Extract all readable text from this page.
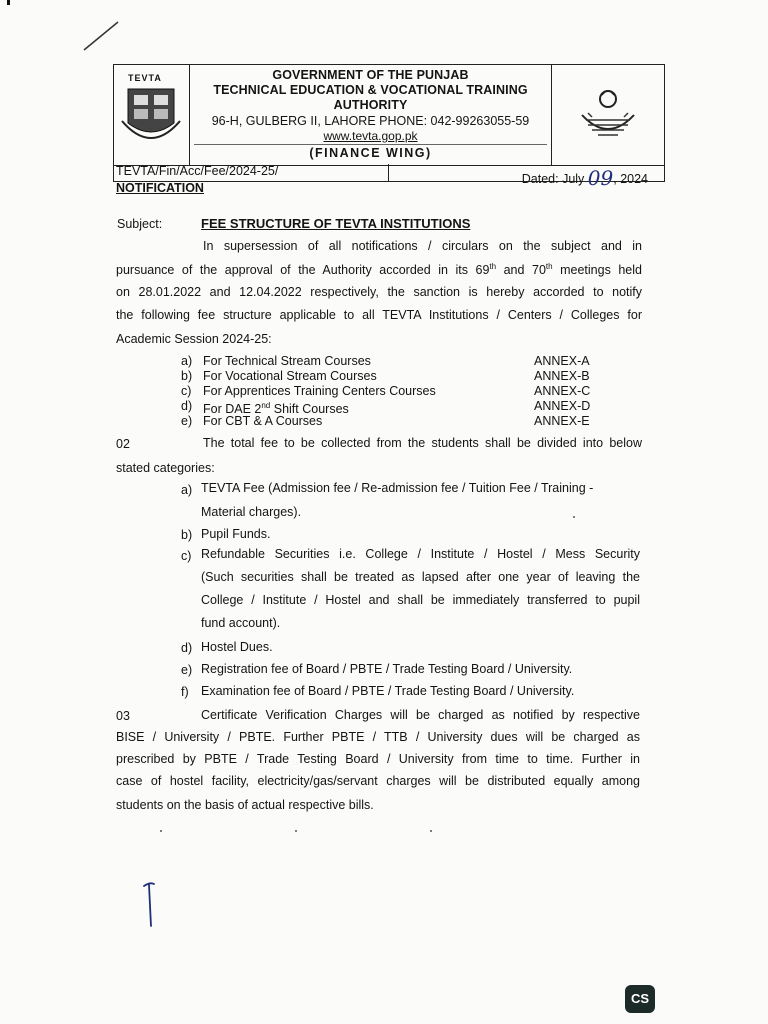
TEVTA	GOVERNMENT OF THE PUNJAB
TECHNICAL EDUCATION & VOCATIONAL TRAINING
AUTHORITY
96-H, GULBERG II, LAHORE PHONE: 042-99263055-59
www.tevta.gop.pk
(FINANCE WING)
TEVTA/Fin/Acc/Fee/2024-25/
Dated: July 09, 2024
NOTIFICATION
Subject:	FEE STRUCTURE OF TEVTA INSTITUTIONS
In supersession of all notifications / circulars on the subject and in
pursuance of the approval of the Authority accorded in its 69th and 70th meetings held
on 28.01.2022 and 12.04.2022 respectively, the sanction is hereby accorded to notify
the following fee structure applicable to all TEVTA Institutions / Centers / Colleges for
Academic Session 2024-25:
a) For Technical Stream Courses	ANNEX-A
b) For Vocational Stream Courses	ANNEX-B
c) For Apprentices Training Centers Courses	ANNEX-C
d) For DAE 2nd Shift Courses	ANNEX-D
e) For CBT & A Courses	ANNEX-E
02	The total fee to be collected from the students shall be divided into below
stated categories:
a) TEVTA Fee (Admission fee / Re-admission fee / Tuition Fee / Training -
Material charges).
b) Pupil Funds.
c) Refundable Securities i.e. College / Institute / Hostel / Mess Security
(Such securities shall be treated as lapsed after one year of leaving the
College / Institute / Hostel and shall be immediately transferred to pupil
fund account).
d) Hostel Dues.
e) Registration fee of Board / PBTE / Trade Testing Board / University.
f) Examination fee of Board / PBTE / Trade Testing Board / University.
03	Certificate Verification Charges will be charged as notified by respective
BISE / University / PBTE. Further PBTE / TTB / University dues will be charged as
prescribed by PBTE / Trade Testing Board / University from time to time. Further in
case of hostel facility, electricity/gas/servant charges will be distributed equally among
students on the basis of actual respective bills.
CS
